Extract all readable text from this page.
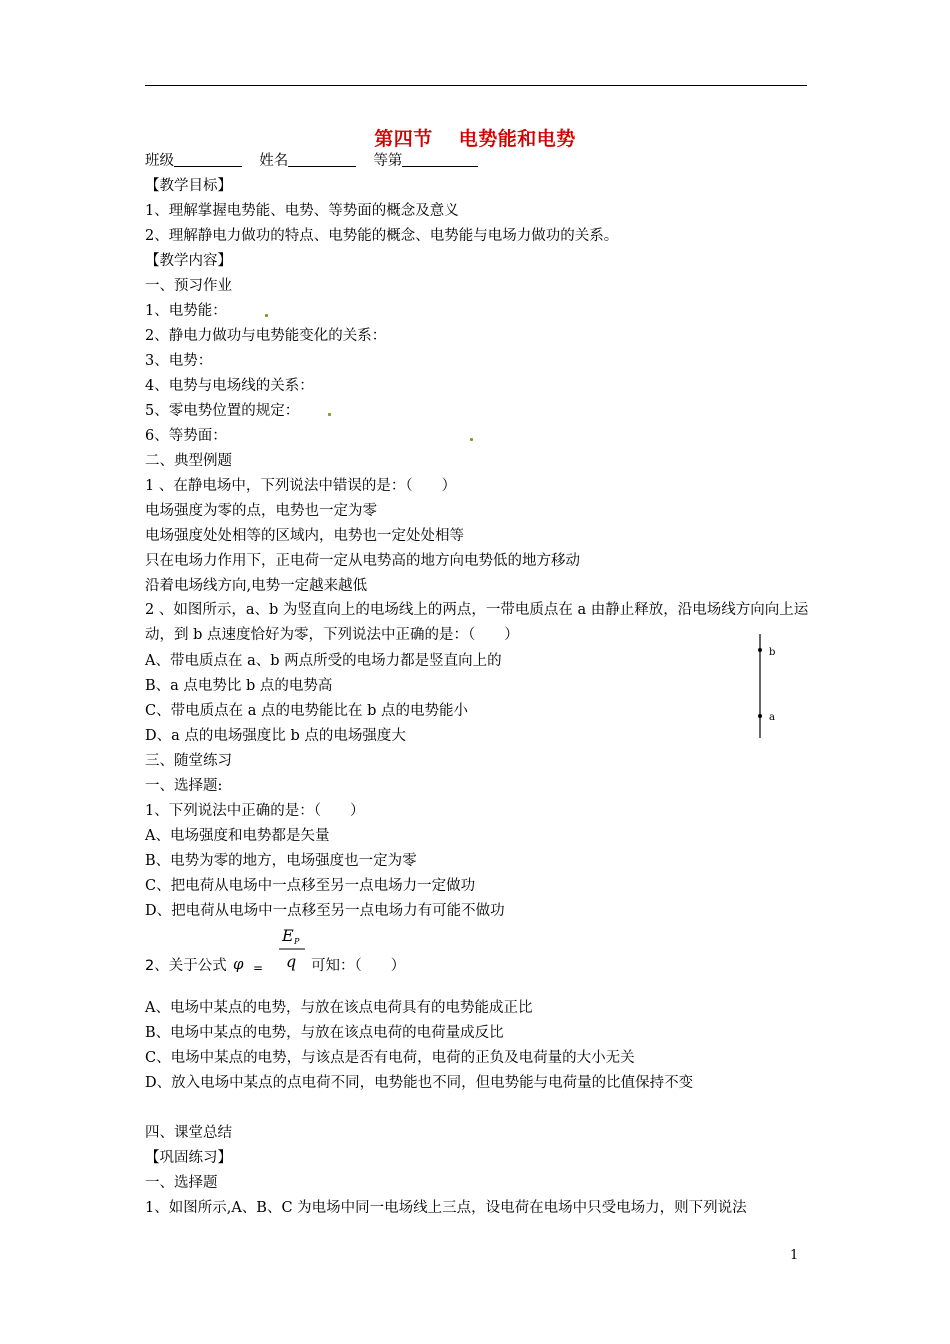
第四节 电势能和电势
班级	姓名	等第
【教学目标】
1、理解掌握电势能、电势、等势面的概念及意义
2、理解静电力做功的特点、电势能的概念、电势能与电场力做功的关系。
【教学内容】
一、预习作业
1、电势能：
2、静电力做功与电势能变化的关系：
3、电势：
4、电势与电场线的关系：
5、零电势位置的规定：
6、等势面：
二、典型例题
1 、在静电场中，下列说法中错误的是：（　　）
电场强度为零的点，电势也一定为零
电场强度处处相等的区域内，电势也一定处处相等
只在电场力作用下，正电荷一定从电势高的地方向电势低的地方移动
沿着电场线方向,电势一定越来越低
2 、如图所示，a、b 为竖直向上的电场线上的两点，一带电质点在 a 由静止释放，沿电场线方向向上运动，到 b 点速度恰好为零，下列说法中正确的是：（　　）
A、带电质点在 a、b 两点所受的电场力都是竖直向上的
B、a 点电势比 b 点的电势高
C、带电质点在 a 点的电势能比在 b 点的电势能小
D、a 点的电场强度比 b 点的电场强度大
b
a
三、随堂练习
一、选择题:
1、下列说法中正确的是：（　　）
A、电场强度和电势都是矢量
B、电势为零的地方，电场强度也一定为零
C、把电荷从电场中一点移至另一点电场力一定做功
D、把电荷从电场中一点移至另一点电场力有可能不做功
2、关于公式 φ =
E P
q 可知：（　　）
A、电场中某点的电势，与放在该点电荷具有的电势能成正比
B、电场中某点的电势，与放在该点电荷的电荷量成反比
C、电场中某点的电势，与该点是否有电荷，电荷的正负及电荷量的大小无关
D、放入电场中某点的点电荷不同，电势能也不同，但电势能与电荷量的比值保持不变
四、课堂总结
【巩固练习】
一、选择题
1、如图所示,A、B、C 为电场中同一电场线上三点，设电荷在电场中只受电场力，则下列说法
1
